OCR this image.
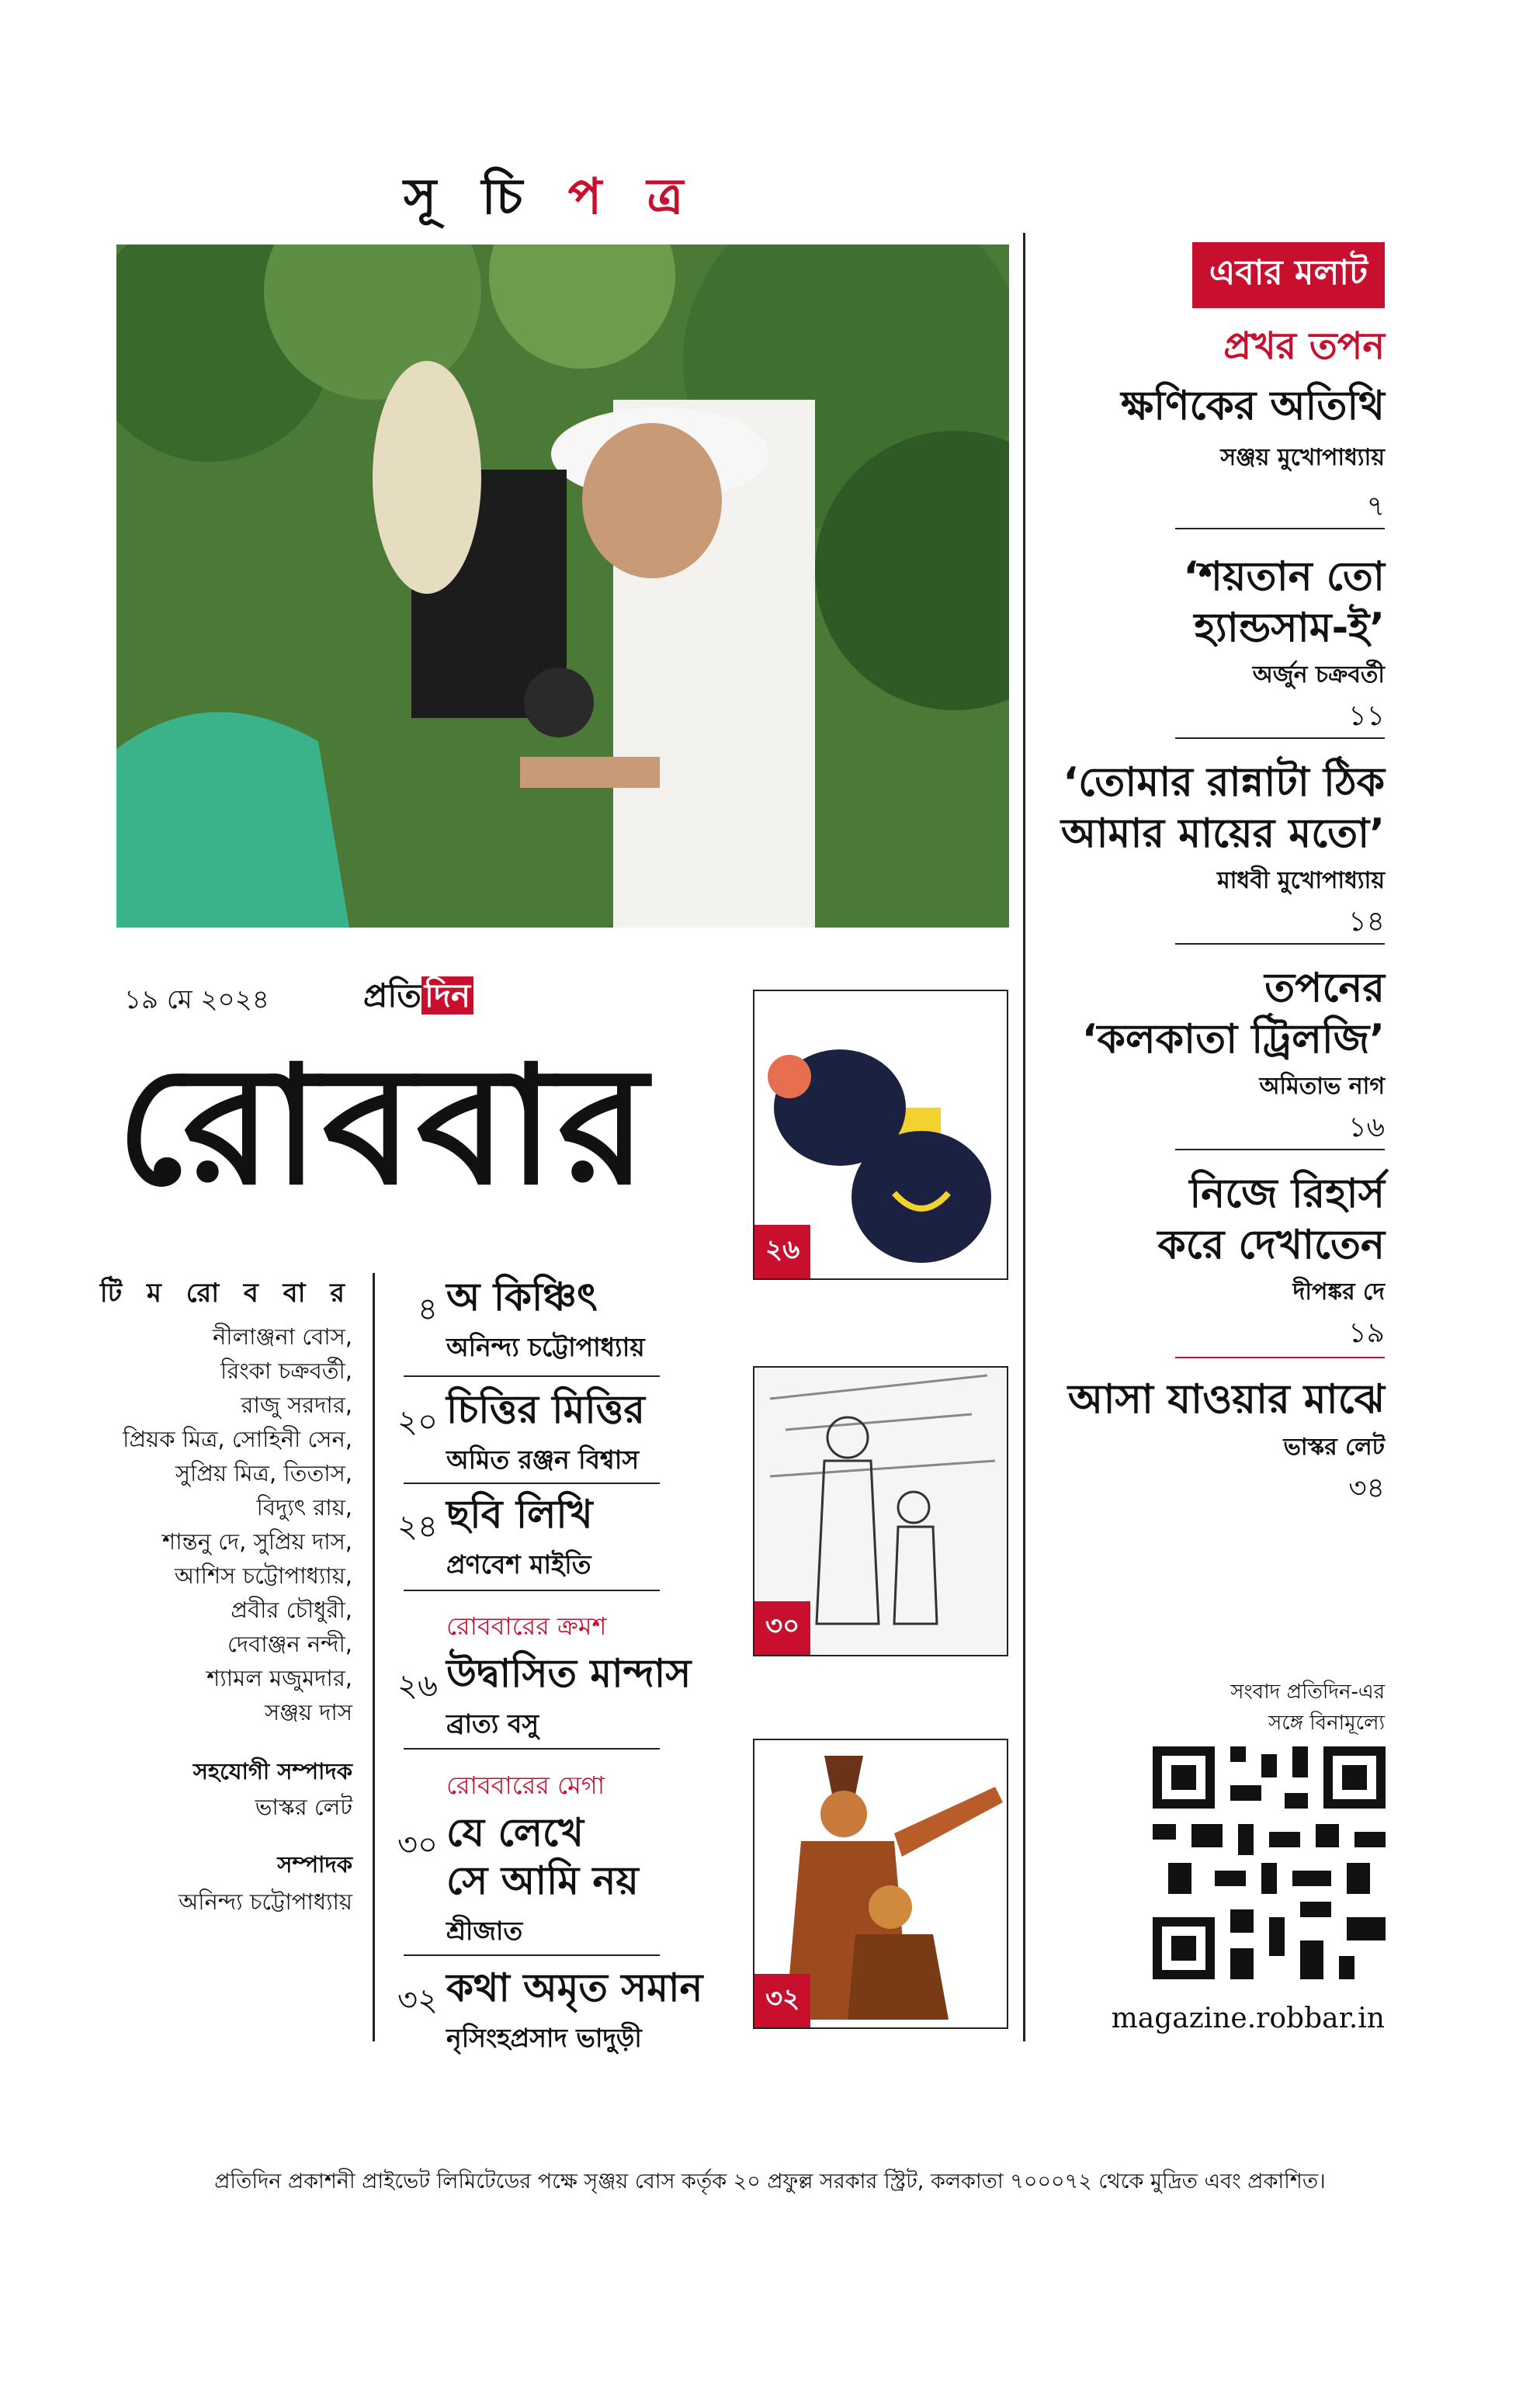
সূ চি প ত্র
এবার মলাট
প্রখর তপন
ক্ষণিকের অতিথি
সঞ্জয় মুখোপাধ্যায়
৭
‘শয়তান তো
হ্যান্ডসাম-ই’
অর্জুন চক্রবর্তী
১১
‘তোমার রান্নাটা ঠিক
আমার মায়ের মতো’
মাধবী মুখোপাধ্যায়
১৪
তপনের
‘কলকাতা ট্রিলজি’
অমিতাভ নাগ
১৬
নিজে রিহার্স
করে দেখাতেন
দীপঙ্কর দে
১৯
আসা যাওয়ার মাঝে
ভাস্কর লেট
৩৪
১৯ মে ২০২৪	প্রতিদিন
রোববার
২৬
৩০
৩২
টি ম রো ব বা র
নীলাঞ্জনা বোস,
রিংকা চক্রবর্তী,
রাজু সরদার,
প্রিয়ক মিত্র, সোহিনী সেন,
সুপ্রিয় মিত্র, তিতাস,
বিদ্যুৎ রায়,
শান্তনু দে, সুপ্রিয় দাস,
আশিস চট্টোপাধ্যায়,
প্রবীর চৌধুরী,
দেবাঞ্জন নন্দী,
শ্যামল মজুমদার,
সঞ্জয় দাস
সহযোগী সম্পাদক
ভাস্কর লেট
সম্পাদক
অনিন্দ্য চট্টোপাধ্যায়
৪ অ কিঞ্চিৎ
অনিন্দ্য চট্টোপাধ্যায়
২০ চিত্তির মিত্তির
অমিত রঞ্জন বিশ্বাস
২৪ ছবি লিখি
প্রণবেশ মাইতি
রোববারের ক্রমশ
২৬ উদ্বাসিত মান্দাস
ব্রাত্য বসু
রোববারের মেগা
৩০ যে লেখে
সে আমি নয়
শ্রীজাত
৩২ কথা অমৃত সমান
নৃসিংহপ্রসাদ ভাদুড়ী
সংবাদ প্রতিদিন-এর
সঙ্গে বিনামূল্যে
magazine.robbar.in
প্রতিদিন প্রকাশনী প্রাইভেট লিমিটেডের পক্ষে সৃঞ্জয় বোস কর্তৃক ২০ প্রফুল্ল সরকার স্ট্রিট, কলকাতা ৭০০০৭২ থেকে মুদ্রিত এবং প্রকাশিত।
